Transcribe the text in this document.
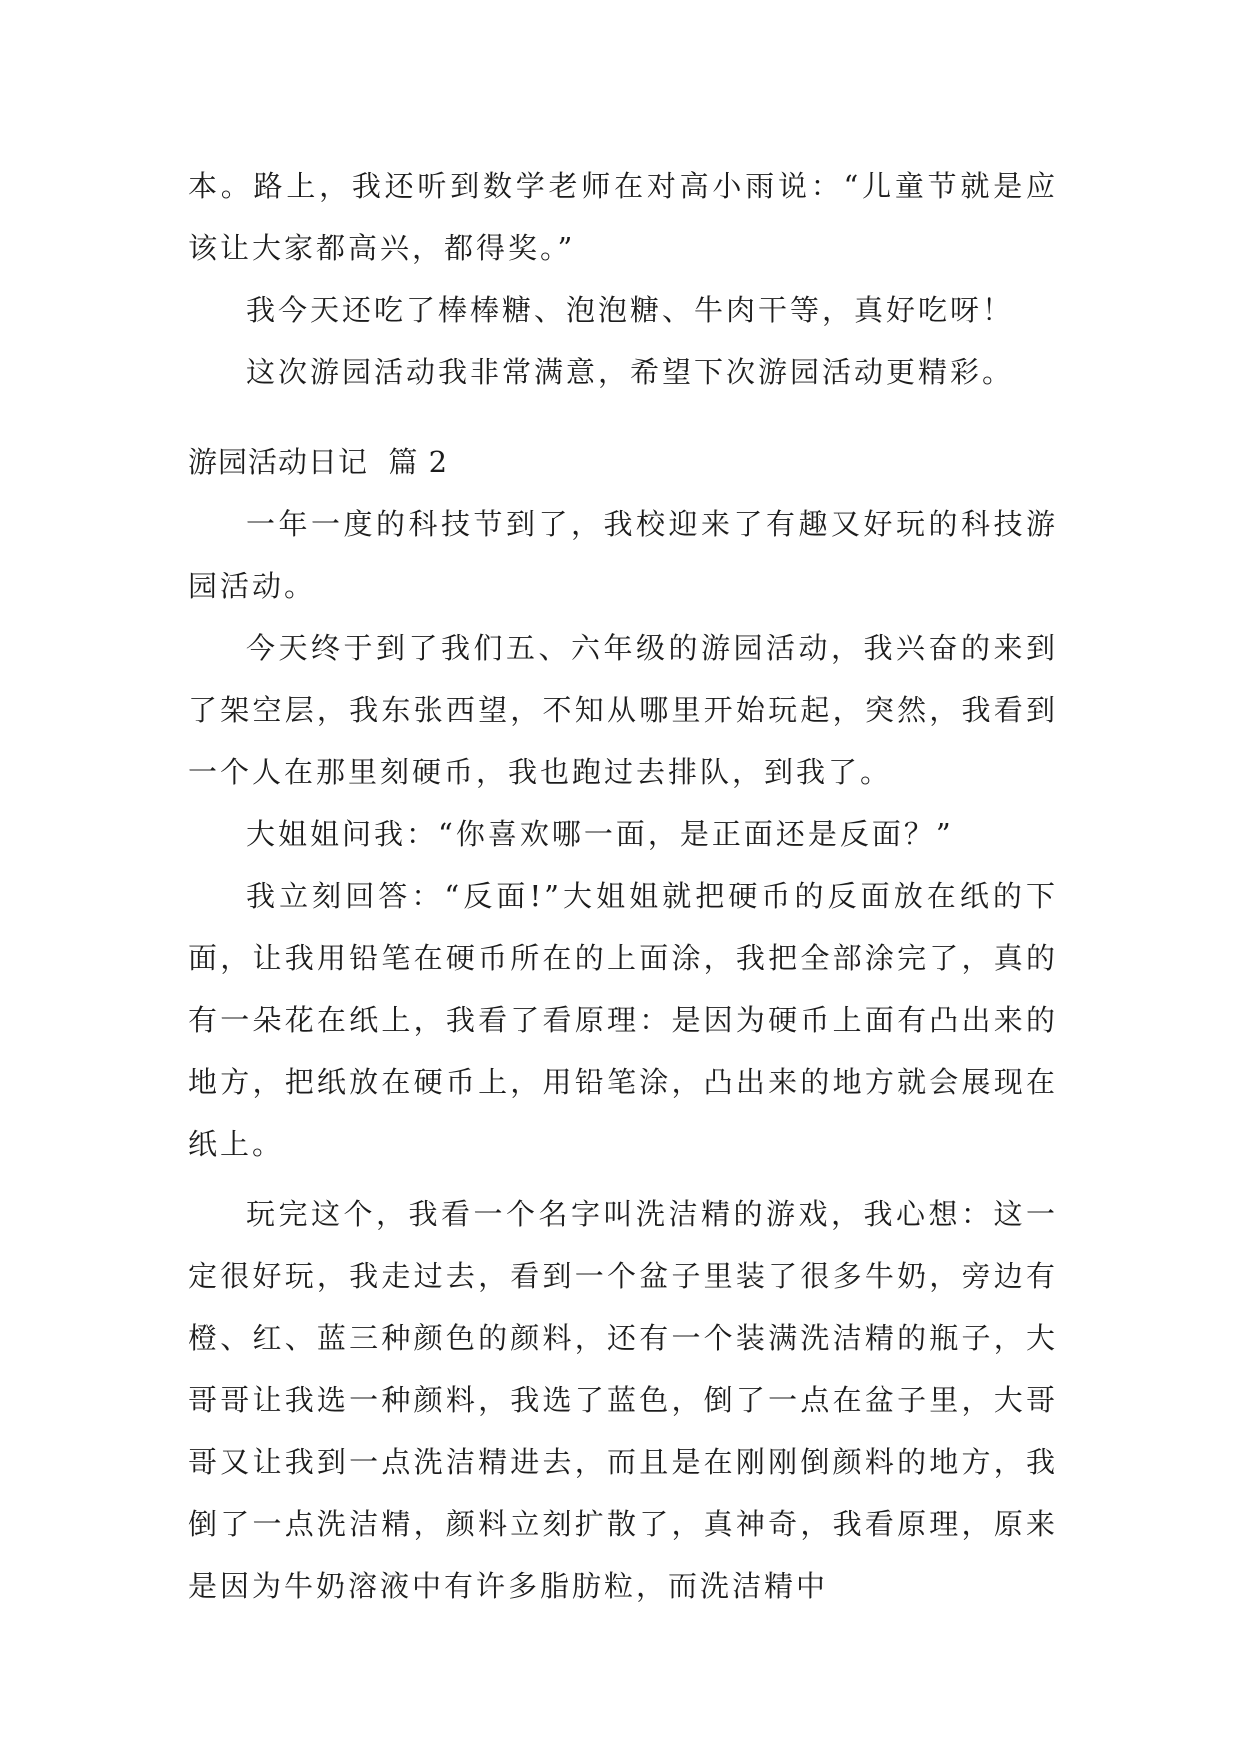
本。路上，我还听到数学老师在对高小雨说：“儿童节就是应该让大家都高兴，都得奖。”

我今天还吃了棒棒糖、泡泡糖、牛肉干等，真好吃呀！

这次游园活动我非常满意，希望下次游园活动更精彩。

游园活动日记  篇 2

一年一度的科技节到了，我校迎来了有趣又好玩的科技游园活动。

今天终于到了我们五、六年级的游园活动，我兴奋的来到了架空层，我东张西望，不知从哪里开始玩起，突然，我看到一个人在那里刻硬币，我也跑过去排队，到我了。

大姐姐问我：“你喜欢哪一面，是正面还是反面？”

我立刻回答：“反面!”大姐姐就把硬币的反面放在纸的下面，让我用铅笔在硬币所在的上面涂，我把全部涂完了，真的有一朵花在纸上，我看了看原理：是因为硬币上面有凸出来的地方，把纸放在硬币上，用铅笔涂，凸出来的地方就会展现在纸上。

玩完这个，我看一个名字叫洗洁精的游戏，我心想：这一定很好玩，我走过去，看到一个盆子里装了很多牛奶，旁边有橙、红、蓝三种颜色的颜料，还有一个装满洗洁精的瓶子，大哥哥让我选一种颜料，我选了蓝色，倒了一点在盆子里，大哥哥又让我到一点洗洁精进去，而且是在刚刚倒颜料的地方，我倒了一点洗洁精，颜料立刻扩散了，真神奇，我看原理，原来是因为牛奶溶液中有许多脂肪粒，而洗洁精中
